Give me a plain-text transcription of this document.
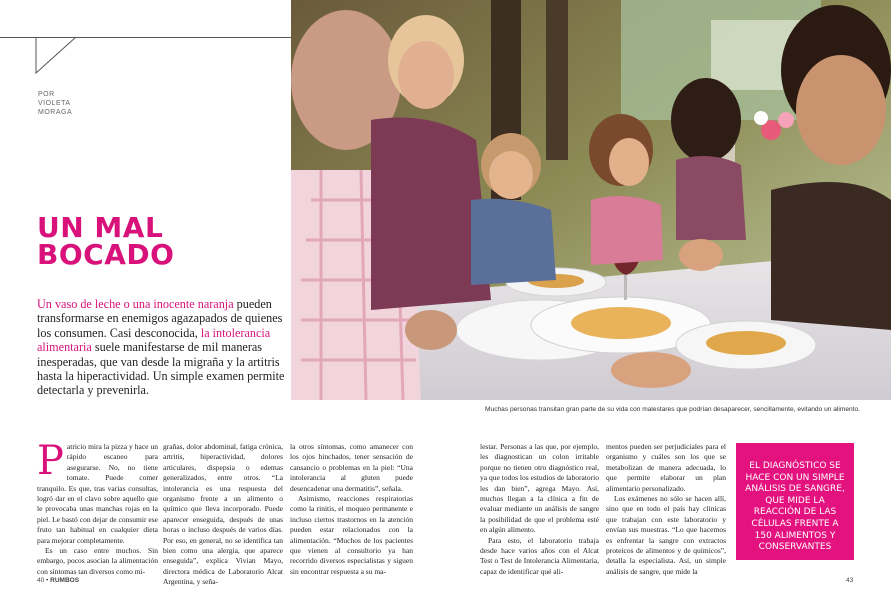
POR
VIOLETA
MORAGA
UN MAL
BOCADO
Un vaso de leche o una inocente naranja pueden transformarse en enemigos agazapados de quienes los consumen. Casi desconocida, la intolerancia alimentaria suele manifestarse de mil maneras inesperadas, que van desde la migraña y la artitris hasta la hiperactividad. Un simple examen permite detectarla y prevenirla.
Muchas personas transitan gran parte de su vida con malestares que podrían desaparecer, sencillamente, evitando un alimento.

Patricio mira la pizza y hace un rápido escaneo para asegurarse. No, no tiene tomate. Puede comer tranquilo. Es que, tras varias consultas, logró dar en el clavo sobre aquello que le provocaba unas manchas rojas en la piel. Le bastó con dejar de consumir ese fruto tan habitual en cualquier dieta para mejorar completamente.

Es un caso entre muchos. Sin embargo, pocos asocian la alimentación con síntomas tan diversos como mi-

grañas, dolor abdominal, fatiga crónica, artritis, hiperactividad, dolores articulares, dispepsia o edemas generalizados, entre otros. “La intolerancia es una respuesta del organismo frente a un alimento o químico que lleva incorporado. Puede aparecer enseguida, después de unas horas o incluso después de varios días. Por eso, en general, no se identifica tan bien como una alergia, que aparece enseguida”, explica Vivian Mayo, directora médica de Laboratorio Alcat Argentina, y seña-

la otros síntomas, como amanecer con los ojos hinchados, tener sensación de cansancio o problemas en la piel: “Una intolerancia al gluten puede desencadenar una dermatitis”, señala.

Asimismo, reacciones respiratorias como la rinitis, el moqueo permanente e incluso ciertos trastornos en la atención pueden estar relacionados con la alimentación. “Muchos de los pacientes que vienen al consultorio ya han recorrido diversos especialistas y siguen sin encontrar respuesta a su ma-

lestar. Personas a las que, por ejemplo, les diagnostican un colon irritable porque no tienen otro diagnóstico real, ya que todos los estudios de laboratorio les dan bien”, agrega Mayo. Así, muchos llegan a la clínica a fin de evaluar mediante un análisis de sangre la posibilidad de que el problema esté en algún alimento.

Para esto, el laboratorio trabaja desde hace varios años con el Alcat Test o Test de Intolerancia Alimentaria, capaz de identificar qué ali-

mentos pueden ser perjudiciales para el organismo y cuáles son los que se metabolizan de manera adecuada, lo que permite elaborar un plan alimentario personalizado.

Los exámenes no sólo se hacen allí, sino que en todo el país hay clínicas que trabajan con este laboratorio y envían sus muestras. “Lo que hacemos es enfrentar la sangre con extractos proteicos de alimentos y de químicos”, detalla la especialista. Así, un simple análisis de sangre, que mide la

EL DIAGNÓSTICO SE HACE CON UN SIMPLE ANÁLISIS DE SANGRE, QUE MIDE LA REACCIÓN DE LAS CÉLULAS FRENTE A 150 ALIMENTOS Y CONSERVANTES
40 • RUMBOS	43
